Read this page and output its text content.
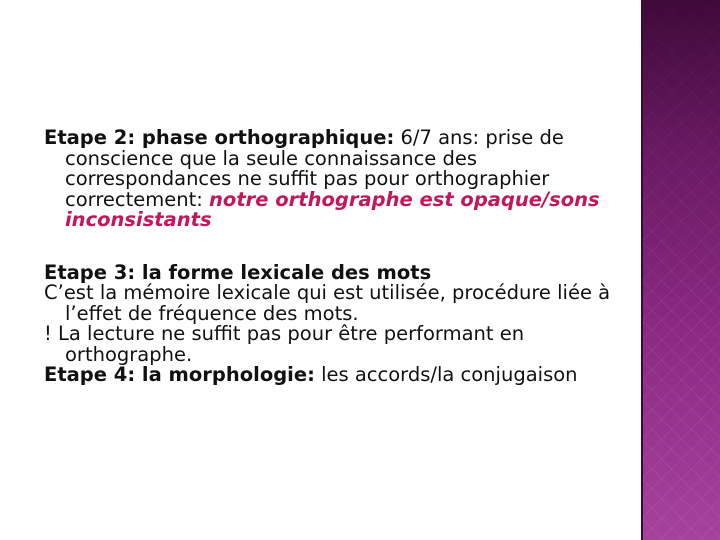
Etape 2: phase orthographique: 6/7 ans: prise de conscience que la seule connaissance des correspondances ne suffit pas pour orthographier correctement: notre orthographe est opaque/sons inconsistants

Etape 3: la forme lexicale des mots

C’est la mémoire lexicale qui est utilisée, procédure liée à l’effet de fréquence des mots.

! La lecture ne suffit pas pour être performant en orthographe.

Etape 4: la morphologie: les accords/la conjugaison
